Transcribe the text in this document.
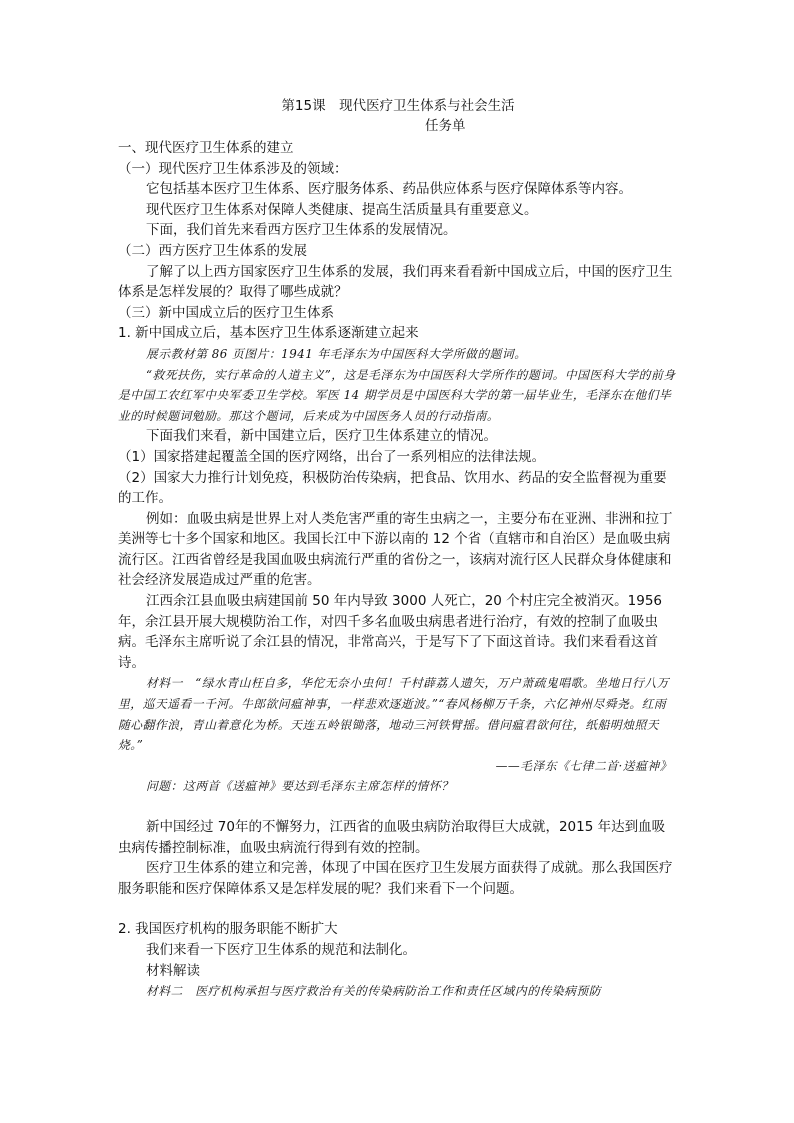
第15课　现代医疗卫生体系与社会生活

任务单

一、现代医疗卫生体系的建立

（一）现代医疗卫生体系涉及的领域：

它包括基本医疗卫生体系、医疗服务体系、药品供应体系与医疗保障体系等内容。

现代医疗卫生体系对保障人类健康、提高生活质量具有重要意义。

下面，我们首先来看西方医疗卫生体系的发展情况。

（二）西方医疗卫生体系的发展

了解了以上西方国家医疗卫生体系的发展，我们再来看看新中国成立后，中国的医疗卫生体系是怎样发展的？取得了哪些成就？

（三）新中国成立后的医疗卫生体系

1. 新中国成立后，基本医疗卫生体系逐渐建立起来

展示教材第 86 页图片：1941 年毛泽东为中国医科大学所做的题词。

“救死扶伤，实行革命的人道主义”，这是毛泽东为中国医科大学所作的题词。中国医科大学的前身是中国工农红军中央军委卫生学校。军医 14 期学员是中国医科大学的第一届毕业生，毛泽东在他们毕业的时候题词勉励。那这个题词，后来成为中国医务人员的行动指南。

下面我们来看，新中国建立后，医疗卫生体系建立的情况。

（1）国家搭建起覆盖全国的医疗网络，出台了一系列相应的法律法规。

（2）国家大力推行计划免疫，积极防治传染病，把食品、饮用水、药品的安全监督视为重要的工作。

例如：血吸虫病是世界上对人类危害严重的寄生虫病之一，主要分布在亚洲、非洲和拉丁美洲等七十多个国家和地区。我国长江中下游以南的 12 个省（直辖市和自治区）是血吸虫病流行区。江西省曾经是我国血吸虫病流行严重的省份之一，该病对流行区人民群众身体健康和社会经济发展造成过严重的危害。

江西余江县血吸虫病建国前 50 年内导致 3000 人死亡，20 个村庄完全被消灭。1956 年，余江县开展大规模防治工作，对四千多名血吸虫病患者进行治疗，有效的控制了血吸虫病。毛泽东主席听说了余江县的情况，非常高兴，于是写下了下面这首诗。我们来看看这首诗。

材料一　“绿水青山枉自多，华佗无奈小虫何！千村薜荔人遗矢，万户萧疏鬼唱歌。坐地日行八万里，巡天遥看一千河。牛郎欲问瘟神事，一样悲欢逐逝波。”“春风杨柳万千条，六亿神州尽舜尧。红雨随心翻作浪，青山着意化为桥。天连五岭银锄落，地动三河铁臂摇。借问瘟君欲何往，纸船明烛照天烧。”

——毛泽东《七律二首·送瘟神》

问题：这两首《送瘟神》要达到毛泽东主席怎样的情怀？

新中国经过 70年的不懈努力，江西省的血吸虫病防治取得巨大成就，2015 年达到血吸虫病传播控制标准，血吸虫病流行得到有效的控制。

医疗卫生体系的建立和完善，体现了中国在医疗卫生发展方面获得了成就。那么我国医疗服务职能和医疗保障体系又是怎样发展的呢？我们来看下一个问题。

2. 我国医疗机构的服务职能不断扩大

我们来看一下医疗卫生体系的规范和法制化。

材料解读

材料二　医疗机构承担与医疗救治有关的传染病防治工作和责任区域内的传染病预防
